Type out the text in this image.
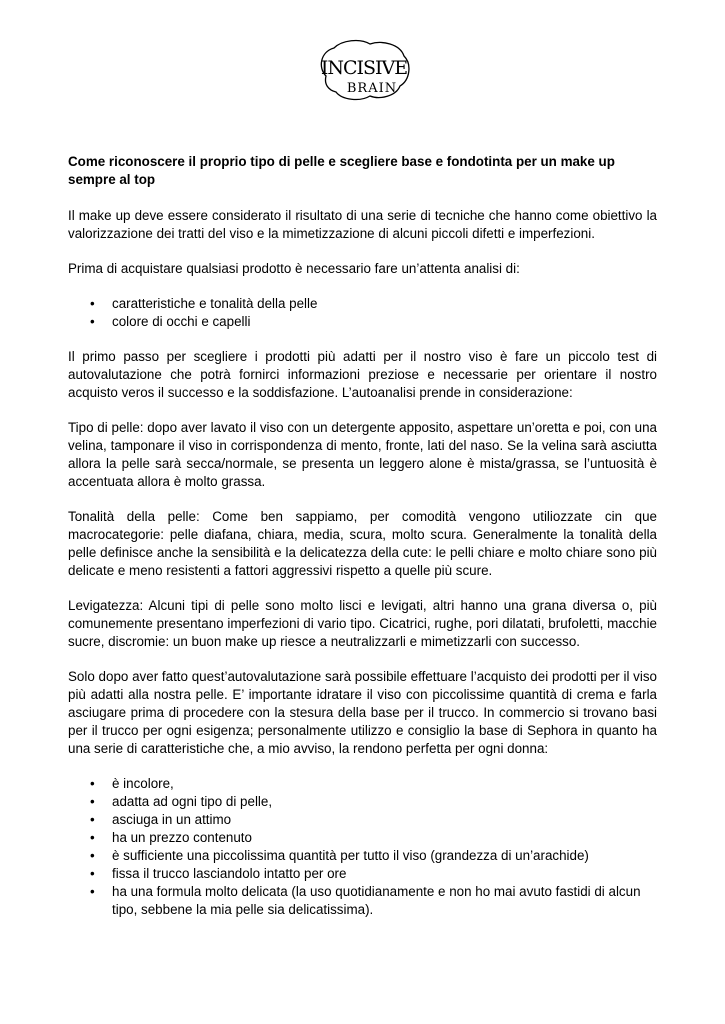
INCISIVE
BRAIN

Come riconoscere il proprio tipo di pelle e scegliere base e fondotinta per un make up sempre al top

Il make up deve essere considerato il risultato di una serie di tecniche che hanno come obiettivo la valorizzazione dei tratti del viso e la mimetizzazione di alcuni piccoli difetti e imperfezioni.

Prima di acquistare qualsiasi prodotto è necessario fare un’attenta analisi di:

• caratteristiche e tonalità della pelle
• colore di occhi e capelli

Il primo passo per scegliere i prodotti più adatti per il nostro viso è fare un piccolo test di autovalutazione che potrà fornirci informazioni preziose e necessarie per orientare il nostro acquisto veros il successo e la soddisfazione. L’autoanalisi prende in considerazione:

Tipo di pelle: dopo aver lavato il viso con un detergente apposito, aspettare un’oretta e poi, con una velina, tamponare il viso in corrispondenza di mento, fronte, lati del naso. Se la velina sarà asciutta allora la pelle sarà secca/normale, se presenta un leggero alone è mista/grassa, se l’untuosità è accentuata allora è molto grassa.

Tonalità della pelle: Come ben sappiamo, per comodità vengono utiliozzate cin que macrocategorie: pelle diafana, chiara, media, scura, molto scura. Generalmente la tonalità della pelle definisce anche la sensibilità e la delicatezza della cute: le pelli chiare e molto chiare sono più delicate e meno resistenti a fattori aggressivi rispetto a quelle più scure.

Levigatezza: Alcuni tipi di pelle sono molto lisci e levigati, altri hanno una grana diversa o, più comunemente presentano imperfezioni di vario tipo. Cicatrici, rughe, pori dilatati, brufoletti, macchie sucre, discromie: un buon make up riesce a neutralizzarli e mimetizzarli con successo.

Solo dopo aver fatto quest’autovalutazione sarà possibile effettuare l’acquisto dei prodotti per il viso più adatti alla nostra pelle. E’ importante idratare il viso con piccolissime quantità di crema e farla asciugare prima di procedere con la stesura della base per il trucco. In commercio si trovano basi per il trucco per ogni esigenza; personalmente utilizzo e consiglio la base di Sephora in quanto ha una serie di caratteristiche che, a mio avviso, la rendono perfetta per ogni donna:

• è incolore,
• adatta ad ogni tipo di pelle,
• asciuga in un attimo
• ha un prezzo contenuto
• è sufficiente una piccolissima quantità per tutto il viso (grandezza di un’arachide)
• fissa il trucco lasciandolo intatto per ore
• ha una formula molto delicata (la uso quotidianamente e non ho mai avuto fastidi di alcun tipo, sebbene la mia pelle sia delicatissima).
